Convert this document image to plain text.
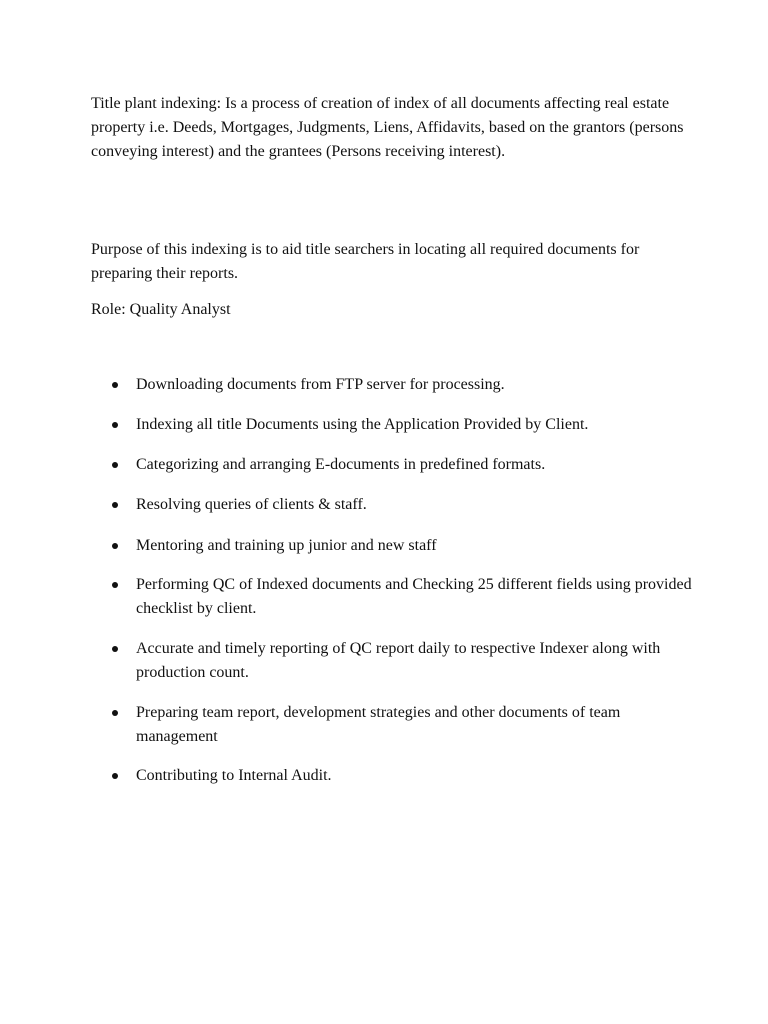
Title plant indexing: Is a process of creation of index of all documents affecting real estate property i.e. Deeds, Mortgages, Judgments, Liens, Affidavits, based on the grantors (persons conveying interest) and the grantees (Persons receiving interest).

Purpose of this indexing is to aid title searchers in locating all required documents for preparing their reports.

Role: Quality Analyst

Downloading documents from FTP server for processing.
Indexing all title Documents using the Application Provided by Client.
Categorizing and arranging E-documents in predefined formats.
Resolving queries of clients & staff.
Mentoring and training up junior and new staff
Performing QC of Indexed documents and Checking 25 different fields using provided checklist by client.
Accurate and timely reporting of QC report daily to respective Indexer along with production count.
Preparing team report, development strategies and other documents of team management
Contributing to Internal Audit.
